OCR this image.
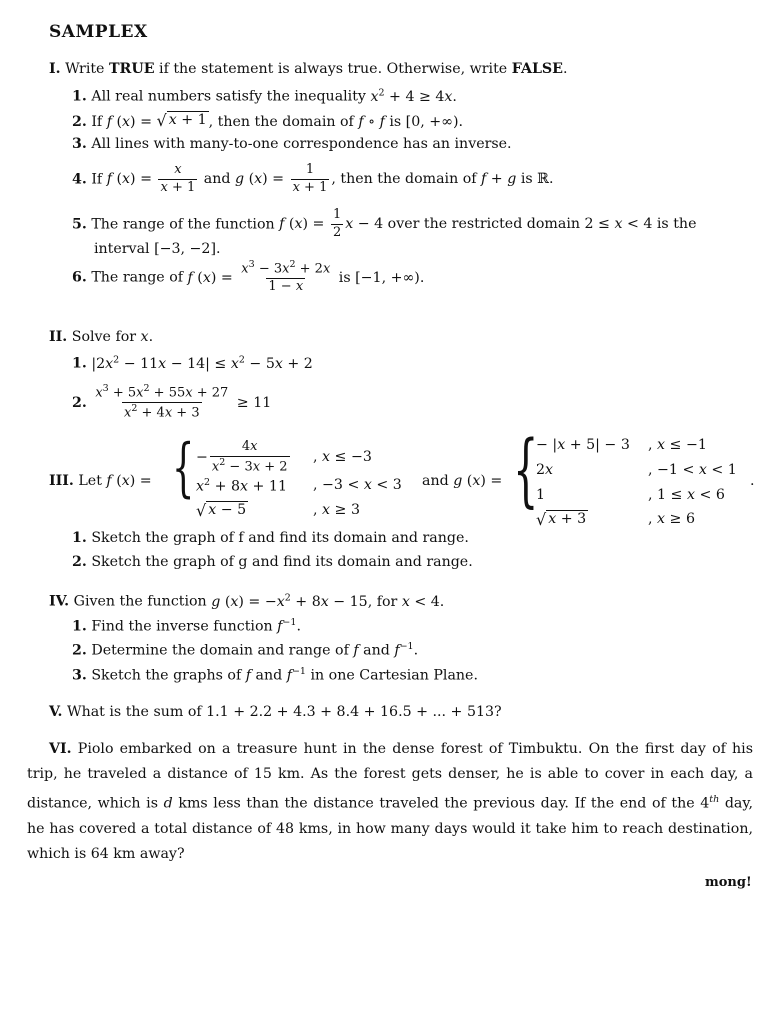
SAMPLEX
I. Write TRUE if the statement is always true. Otherwise, write FALSE.
1. All real numbers satisfy the inequality $x^2 + 4 \ge 4x$.
2. If f (x) = √ x + 1 , then the domain of f ∘ f is [0, +∞).
3. All lines with many-to-one correspondence has an inverse.
4. If f $(x) = \frac{x}{x + 1}$ and g $(x) = \frac{1}{x + 1}$ , then the domain of f + g is ℝ.
5. The range of the function f $(x) = \frac{1}{2}$ x − 4 over the restricted domain 2 ≤ x < 4 is the
interval [−3, −2].
6. The range of f $(x) = \frac{x^3 - 3x^2 + 2x}{1 - x}$ is [−1, +∞).
II. Solve for x.
1. $|2x^2 - 11x - 14| \le x^2 - 5x + 2$
2. $\frac{x^3 + 5x^2 + 55x + 27}{x^2 + 4x + 3} \ge 11$
III. Let f (x) = { − $\frac{4x}{x^2 - 3x + 2}$ , x ≤ −3
$x^2 + 8x + 11$ , −3 < x < 3
√ x − 5	, x ≥ 3
and g (x) = {
− |x + 5| − 3 , x ≤ −1
2x	, −1 < x < 1
1	, 1 ≤ x < 6
√ x + 3	, x ≥ 6
.
1. Sketch the graph of f and find its domain and range.
2. Sketch the graph of g and find its domain and range.
IV. Given the function g $(x) = -x^2 + 8x - 15$, for x < 4.
1. Find the inverse function $f^{-1}$.
2. Determine the domain and range of f and $f^{-1}$.
3. Sketch the graphs of f and $f^{-1}$ in one Cartesian Plane.
V. What is the sum of 1.1 + 2.2 + 4.3 + 8.4 + 16.5 + ... + 513?
VI. Piolo embarked on a treasure hunt in the dense forest of Timbuktu. On the first day of his trip, he traveled a distance of 15 km. As the forest gets denser, he is able to cover in each day, a distance, which is d kms less than the distance traveled the previous day. If the end of the 4th day, he has covered a total distance of 48 kms, in how many days would it take him to reach destination, which is 64 km away?
mong!
